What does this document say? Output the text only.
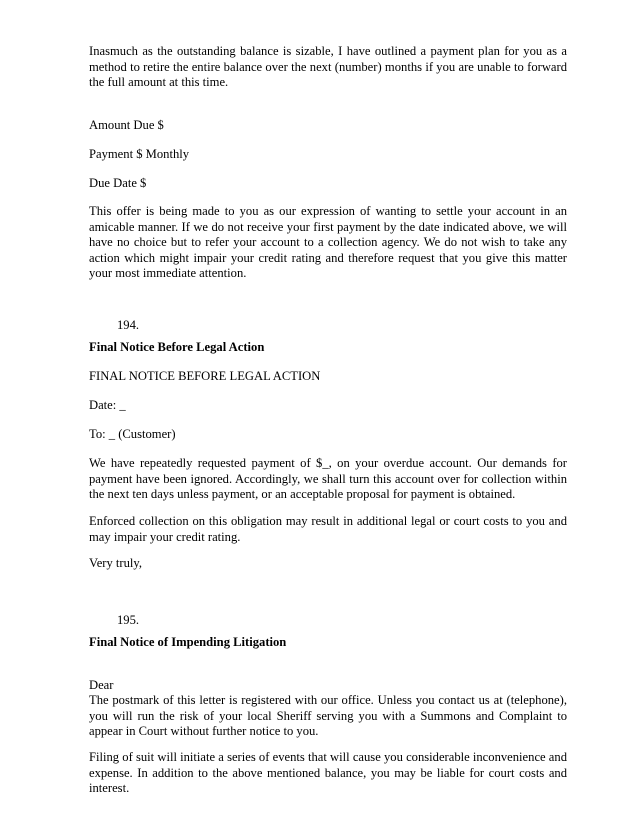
Inasmuch as the outstanding balance is sizable, I have outlined a payment plan for you as a
method to retire the entire balance over the next (number) months if you are unable to forward
the full amount at this time.

Amount Due $

Payment $ Monthly

Due Date $

This offer is being made to you as our expression of wanting to settle your account in an
amicable manner. If we do not receive your first payment by the date indicated above, we will
have no choice but to refer your account to a collection agency. We do not wish to take any
action which might impair your credit rating and therefore request that you give this matter
your most immediate attention.

194.

Final Notice Before Legal Action

FINAL NOTICE BEFORE LEGAL ACTION

Date: _

To: _ (Customer)

We have repeatedly requested payment of $_, on your overdue account. Our demands for
payment have been ignored. Accordingly, we shall turn this account over for collection within
the next ten days unless payment, or an acceptable proposal for payment is obtained.

Enforced collection on this obligation may result in additional legal or court costs to you and
may impair your credit rating.

Very truly,

195.

Final Notice of Impending Litigation

Dear

The postmark of this letter is registered with our office. Unless you contact us at (telephone),
you will run the risk of your local Sheriff serving you with a Summons and Complaint to
appear in Court without further notice to you.

Filing of suit will initiate a series of events that will cause you considerable inconvenience and
expense. In addition to the above mentioned balance, you may be liable for court costs and
interest.
